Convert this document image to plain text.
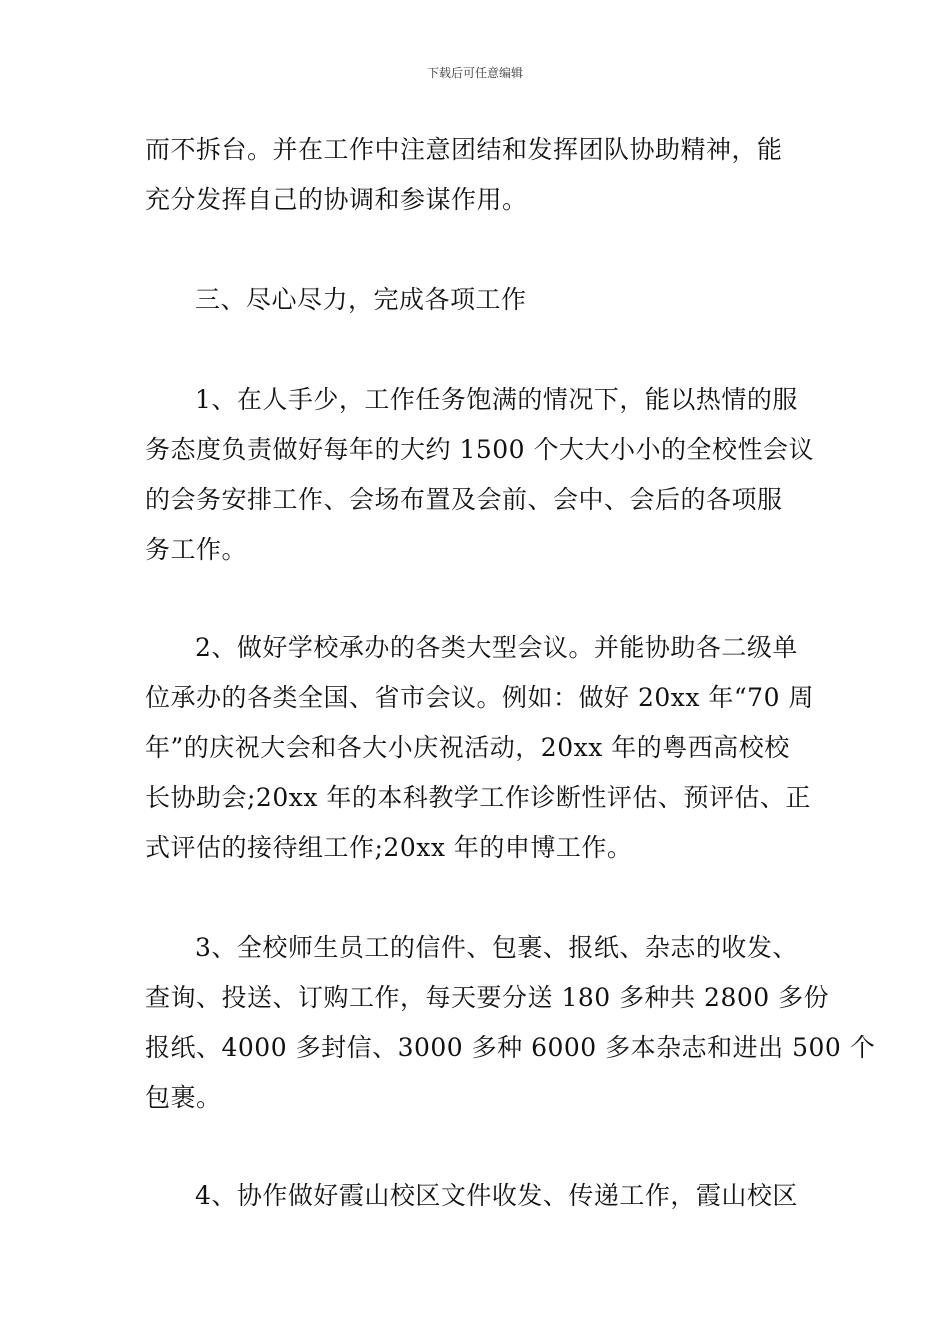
下载后可任意编辑
而不拆台。并在工作中注意团结和发挥团队协助精神，能
充分发挥自己的协调和参谋作用。
三、尽心尽力，完成各项工作
1、在人手少，工作任务饱满的情况下，能以热情的服
务态度负责做好每年的大约 1500 个大大小小的全校性会议
的会务安排工作、会场布置及会前、会中、会后的各项服
务工作。
2、做好学校承办的各类大型会议。并能协助各二级单
位承办的各类全国、省市会议。例如：做好 20xx 年“70 周
年”的庆祝大会和各大小庆祝活动，20xx 年的粤西高校校
长协助会;20xx 年的本科教学工作诊断性评估、预评估、正
式评估的接待组工作;20xx 年的申博工作。
3、全校师生员工的信件、包裹、报纸、杂志的收发、
查询、投送、订购工作，每天要分送 180 多种共 2800 多份
报纸、4000 多封信、3000 多种 6000 多本杂志和进出 500 个
包裹。
4、协作做好霞山校区文件收发、传递工作，霞山校区
